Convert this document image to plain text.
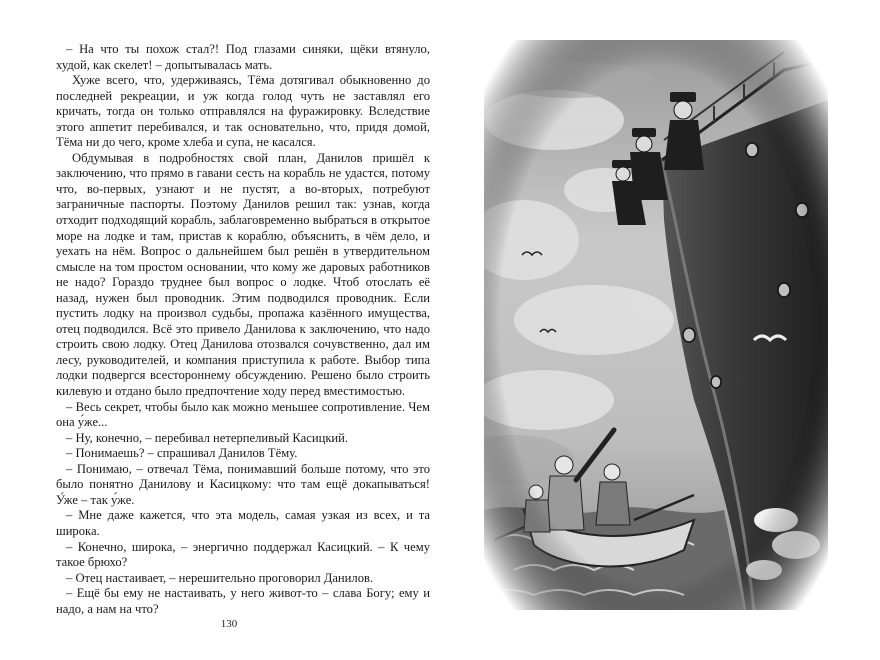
– На что ты похож стал?! Под глазами синяки, щёки втянуло, худой, как скелет! – допытывалась мать.

Хуже всего, что, удерживаясь, Тёма дотягивал обыкновенно до последней рекреации, и уж когда голод чуть не заставлял его кричать, тогда он только отправлялся на фуражировку. Вследствие этого аппетит перебивался, и так основательно, что, придя домой, Тёма ни до чего, кроме хлеба и супа, не касался.

Обдумывая в подробностях свой план, Данилов пришёл к заключению, что прямо в гавани сесть на корабль не удастся, потому что, во-первых, узнают и не пустят, а во-вторых, потребуют заграничные паспорты. Поэтому Данилов решил так: узнав, когда отходит подходящий корабль, заблаговременно выбраться в открытое море на лодке и там, пристав к кораблю, объяснить, в чём дело, и уехать на нём. Вопрос о дальнейшем был решён в утвердительном смысле на том простом основании, что кому же даровых работников не надо? Гораздо труднее был вопрос о лодке. Чтоб отослать её назад, нужен был проводник. Этим подводился проводник. Если пустить лодку на произвол судьбы, пропажа казённого имущества, отец подводился. Всё это привело Данилова к заключению, что надо строить свою лодку. Отец Данилова отозвался сочувственно, дал им лесу, руководителей, и компания приступила к работе. Выбор типа лодки подвергся всестороннему обсуждению. Решено было строить килевую и отдано было предпочтение ходу перед вместимостью.

– Весь секрет, чтобы было как можно меньшее сопротивление. Чем она у́же...

– Ну, конечно, – перебивал нетерпеливый Касицкий.

– Понимаешь? – спрашивал Данилов Тёму.

– Понимаю, – отвечал Тёма, понимавший больше потому, что это было понятно Данилову и Касицкому: что там ещё докапываться! У́же – так у́же.

– Мне даже кажется, что эта модель, самая узкая из всех, и та широка.

– Конечно, широка, – энергично поддержал Касицкий. – К чему такое брюхо?

– Отец настаивает, – нерешительно проговорил Данилов.

– Ещё бы ему не настаивать, у него живот-то – слава Богу; ему и надо, а нам на что?

130
